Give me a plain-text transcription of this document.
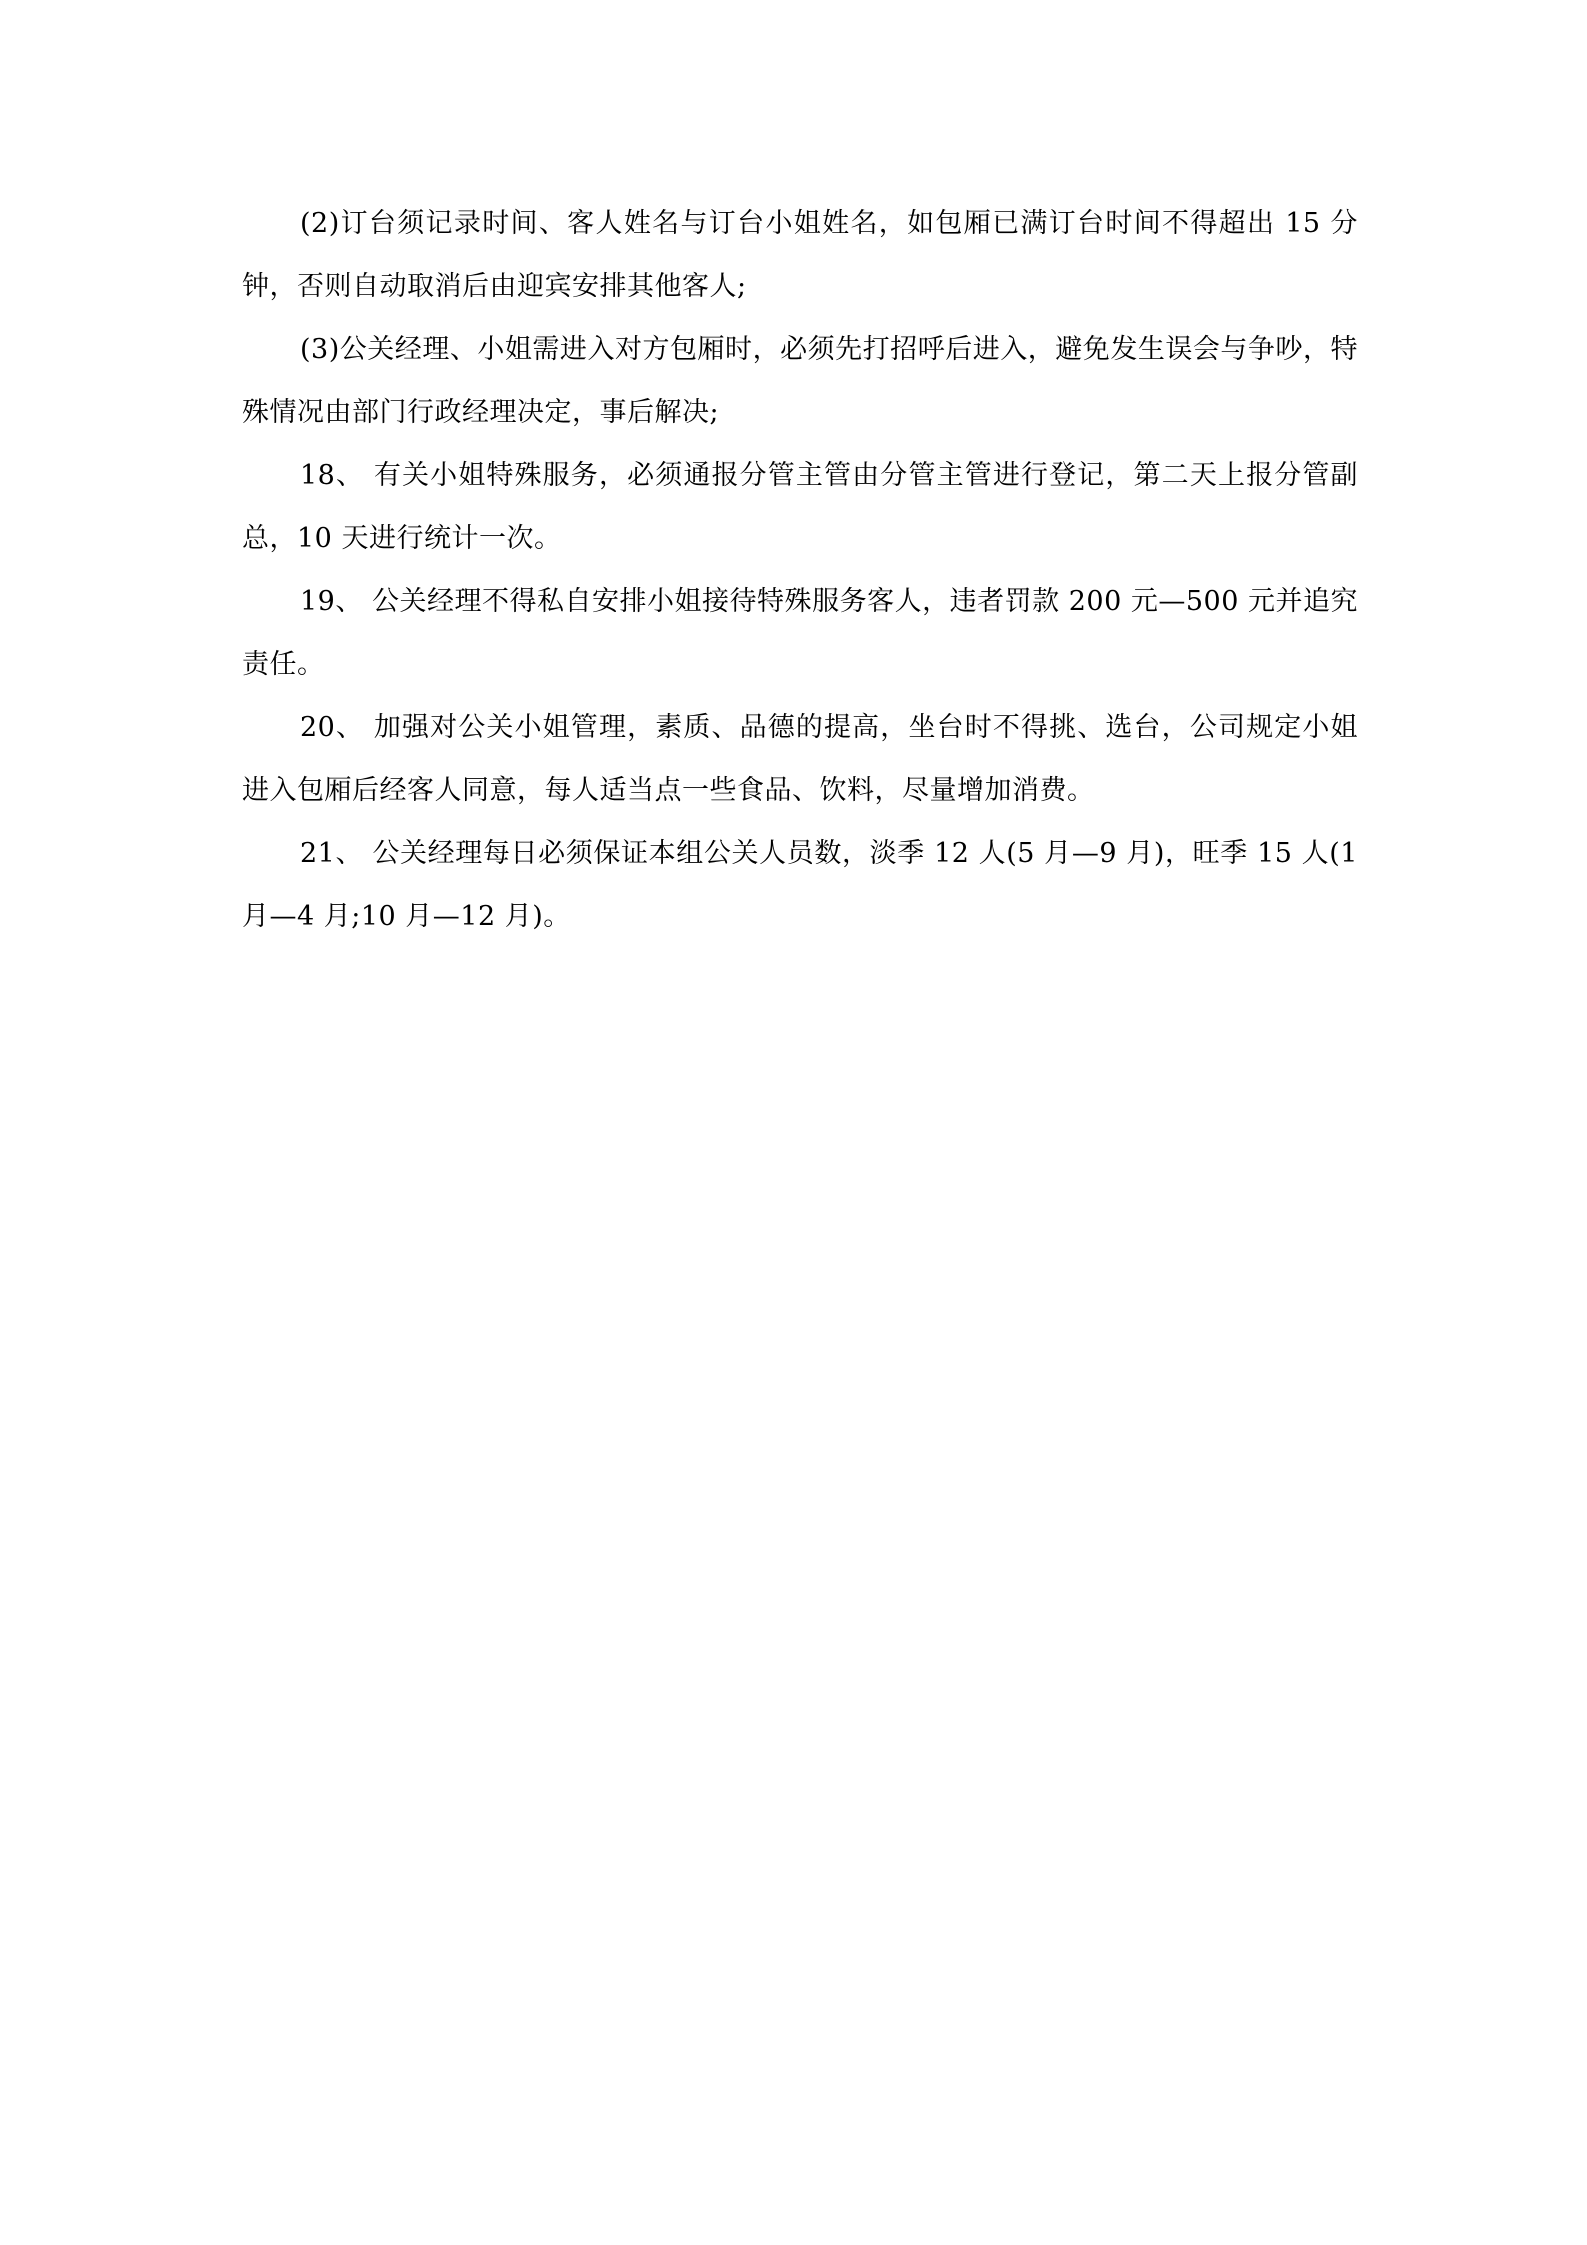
(2)订台须记录时间、客人姓名与订台小姐姓名，如包厢已满订台时间不得超出 15 分钟，否则自动取消后由迎宾安排其他客人;

(3)公关经理、小姐需进入对方包厢时，必须先打招呼后进入，避免发生误会与争吵，特殊情况由部门行政经理决定，事后解决;

18、 有关小姐特殊服务，必须通报分管主管由分管主管进行登记，第二天上报分管副总，10 天进行统计一次。

19、 公关经理不得私自安排小姐接待特殊服务客人，违者罚款 200 元—500 元并追究责任。

20、 加强对公关小姐管理，素质、品德的提高，坐台时不得挑、选台，公司规定小姐进入包厢后经客人同意，每人适当点一些食品、饮料，尽量增加消费。

21、 公关经理每日必须保证本组公关人员数，淡季 12 人(5 月—9 月)，旺季 15 人(1 月—4 月;10 月—12 月)。
